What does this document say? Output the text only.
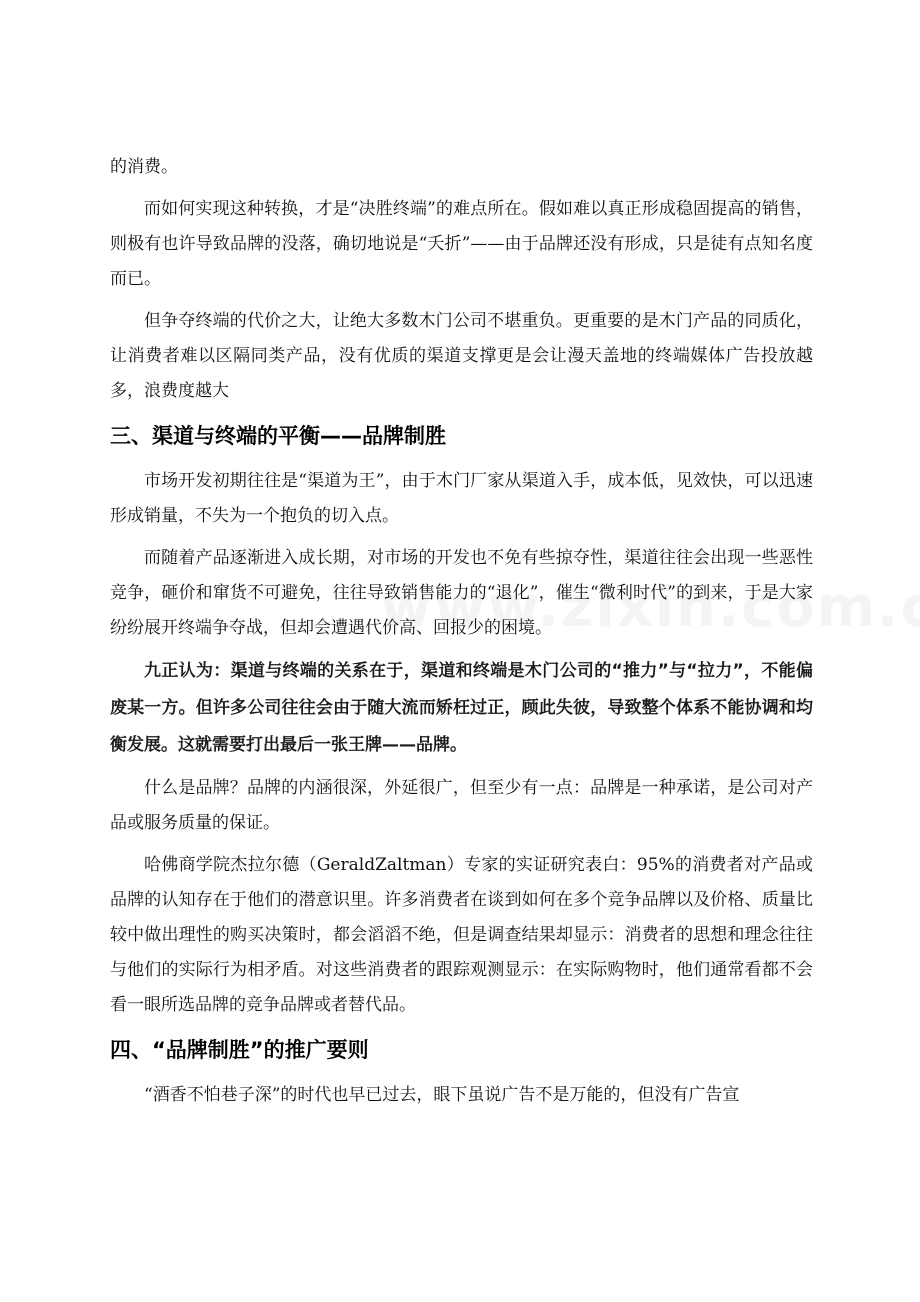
的消费。

而如何实现这种转换，才是“决胜终端”的难点所在。假如难以真正形成稳固提高的销售，则极有也许导致品牌的没落，确切地说是“夭折”——由于品牌还没有形成，只是徒有点知名度而已。

但争夺终端的代价之大，让绝大多数木门公司不堪重负。更重要的是木门产品的同质化，让消费者难以区隔同类产品，没有优质的渠道支撑更是会让漫天盖地的终端媒体广告投放越多，浪费度越大

三、渠道与终端的平衡——品牌制胜

市场开发初期往往是“渠道为王”，由于木门厂家从渠道入手，成本低，见效快，可以迅速形成销量，不失为一个抱负的切入点。

而随着产品逐渐进入成长期，对市场的开发也不免有些掠夺性，渠道往往会出现一些恶性竞争，砸价和窜货不可避免，往往导致销售能力的“退化”，催生“微利时代”的到来，于是大家纷纷展开终端争夺战，但却会遭遇代价高、回报少的困境。

九正认为：渠道与终端的关系在于，渠道和终端是木门公司的“推力”与“拉力”，不能偏废某一方。但许多公司往往会由于随大流而矫枉过正，顾此失彼，导致整个体系不能协调和均衡发展。这就需要打出最后一张王牌——品牌。

什么是品牌？品牌的内涵很深，外延很广，但至少有一点：品牌是一种承诺，是公司对产品或服务质量的保证。

哈佛商学院杰拉尔德（GeraldZaltman）专家的实证研究表白：95%的消费者对产品或品牌的认知存在于他们的潜意识里。许多消费者在谈到如何在多个竞争品牌以及价格、质量比较中做出理性的购买决策时，都会滔滔不绝，但是调查结果却显示：消费者的思想和理念往往与他们的实际行为相矛盾。对这些消费者的跟踪观测显示：在实际购物时，他们通常看都不会看一眼所选品牌的竞争品牌或者替代品。

四、“品牌制胜”的推广要则

“酒香不怕巷子深”的时代也早已过去，眼下虽说广告不是万能的，但没有广告宣
